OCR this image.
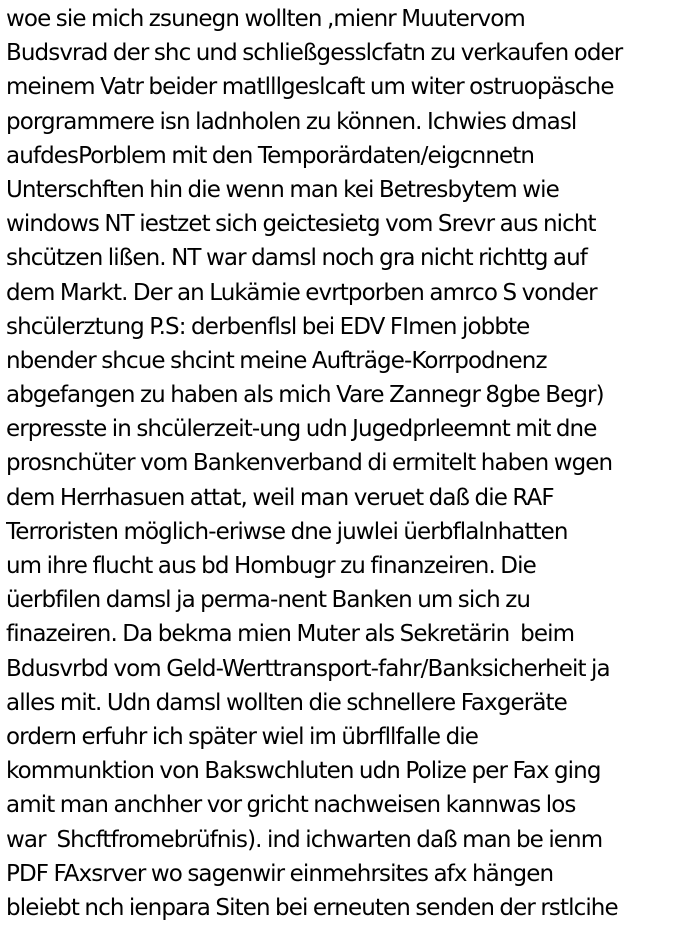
woe sie mich zsunegn wollten ,mienr Muutervom
Budsvrad der shc und schließgesslcfatn zu verkaufen oder
meinem Vatr beider matlllgeslcaft um witer ostruopäsche
porgrammere isn ladnholen zu können. Ichwies dmasl
aufdesPorblem mit den Temporärdaten/eigcnnetn
Unterschften hin die wenn man kei Betresbytem wie
windows NT iestzet sich geictesietg vom Srevr aus nicht
shcützen lißen. NT war damsl noch gra nicht richttg auf
dem Markt. Der an Lukämie evrtporben amrco S vonder
shcülerztung P.S: derbenflsl bei EDV FImen jobbte
nbender shcue shcint meine Aufträge-Korrpodnenz
abgefangen zu haben als mich Vare Zannegr 8gbe Begr)
erpresste in shcülerzeit-ung udn Jugedprleemnt mit dne
prosnchüter vom Bankenverband di ermitelt haben wgen
dem Herrhasuen attat, weil man veruet daß die RAF
Terroristen möglich-eriwse dne juwlei üerbflalnhatten
um ihre flucht aus bd Hombugr zu finanzeiren. Die
üerbfilen damsl ja perma-nent Banken um sich zu
finazeiren. Da bekma mien Muter als Sekretärin  beim
Bdusvrbd vom Geld-Werttransport-fahr/Banksicherheit ja
alles mit. Udn damsl wollten die schnellere Faxgeräte
ordern erfuhr ich später wiel im übrfllfalle die
kommunktion von Bakswchluten udn Polize per Fax ging
amit man anchher vor gricht nachweisen kannwas los
war  Shcftfromebrüfnis). ind ichwarten daß man be ienm
PDF FAxsrver wo sagenwir einmehrsites afx hängen
bleiebt nch ienpara Siten bei erneuten senden der rstlcihe
